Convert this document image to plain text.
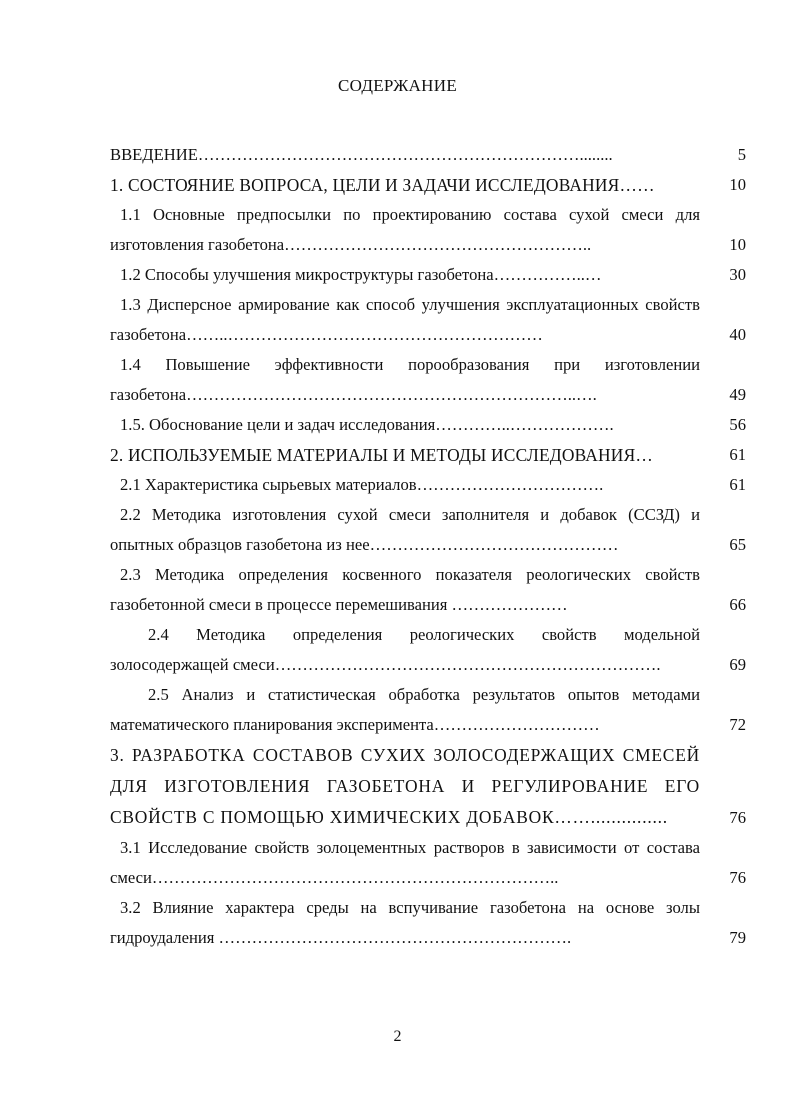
СОДЕРЖАНИЕ
ВВЕДЕНИЕ……………………………………………………………........	5
1. СОСТОЯНИЕ ВОПРОСА, ЦЕЛИ И ЗАДАЧИ ИССЛЕДОВАНИЯ……	10
1.1 Основные предпосылки по проектированию состава сухой смеси для изготовления газобетона………………………………………………..	10
1.2 Способы улучшения микроструктуры газобетона……………..…	30
1.3 Дисперсное армирование как способ улучшения эксплуатационных свойств газобетона……..…………………………………………………	40
1.4 Повышение эффективности порообразования при изготовлении газобетона……………………………………………………………..….	49
1.5. Обоснование цели и задач исследования…………..……………….	56
2. ИСПОЛЬЗУЕМЫЕ МАТЕРИАЛЫ И МЕТОДЫ ИССЛЕДОВАНИЯ…	61
2.1 Характеристика сырьевых материалов…………………………….	61
2.2 Методика изготовления сухой смеси заполнителя и добавок (ССЗД) и опытных образцов газобетона из нее………………………………………	65
2.3 Методика определения косвенного показателя реологических свойств газобетонной смеси в процессе перемешивания …………………	66
2.4 Методика определения реологических свойств модельной золосодержащей смеси…………………………………………………………….	69
2.5 Анализ и статистическая обработка результатов опытов методами математического планирования эксперимента…………………………	72
3. РАЗРАБОТКА СОСТАВОВ СУХИХ ЗОЛОСОДЕРЖАЩИХ СМЕСЕЙ ДЛЯ ИЗГОТОВЛЕНИЯ ГАЗОБЕТОНА И РЕГУЛИРОВАНИЕ ЕГО СВОЙСТВ С ПОМОЩЬЮ ХИМИЧЕСКИХ ДОБАВОК……...............	76
3.1 Исследование свойств золоцементных растворов в зависимости от состава смеси………………………………………………………………..	76
3.2 Влияние характера среды на вспучивание газобетона на основе золы гидроудаления ……………………………………………………….	79
2
